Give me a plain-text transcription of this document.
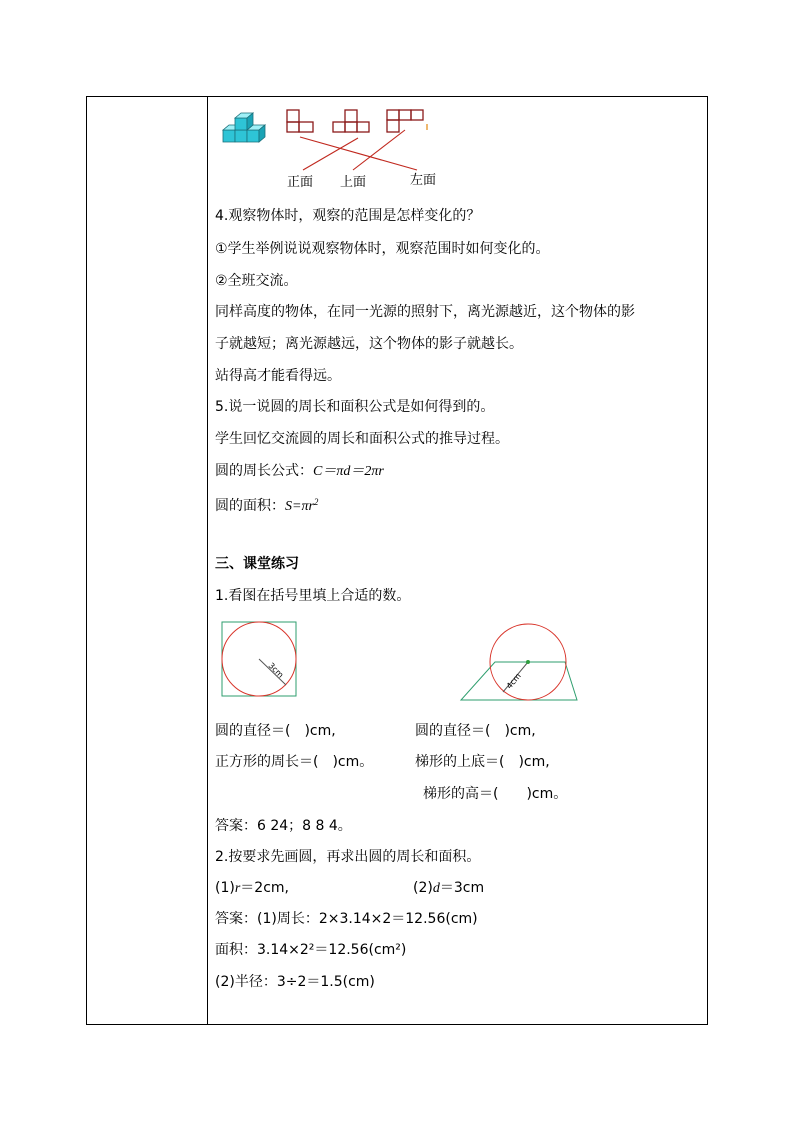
正面 上面	左面
4.观察物体时，观察的范围是怎样变化的？
①学生举例说说观察物体时，观察范围时如何变化的。
②全班交流。
同样高度的物体，在同一光源的照射下，离光源越近，这个物体的影
子就越短；离光源越远，这个物体的影子就越长。
站得高才能看得远。
5.说一说圆的周长和面积公式是如何得到的。
学生回忆交流圆的周长和面积公式的推导过程。
圆的周长公式：C＝πd＝2πr
圆的面积：$S=\pi r^2$
三、课堂练习
1.看图在括号里填上合适的数。
3cm
4cm
圆的直径＝(　)cm,	圆的直径＝(　)cm,
正方形的周长＝(　)cm。	梯形的上底＝(　)cm,
梯形的高＝(　　)cm。
答案：6 24；8 8 4。
2.按要求先画圆，再求出圆的周长和面积。
(1)r＝2cm,	(2)d＝3cm
答案：(1)周长：2×3.14×2＝12.56(cm)
面积：3.14×2²＝12.56(cm²)
(2)半径：3÷2＝1.5(cm)
